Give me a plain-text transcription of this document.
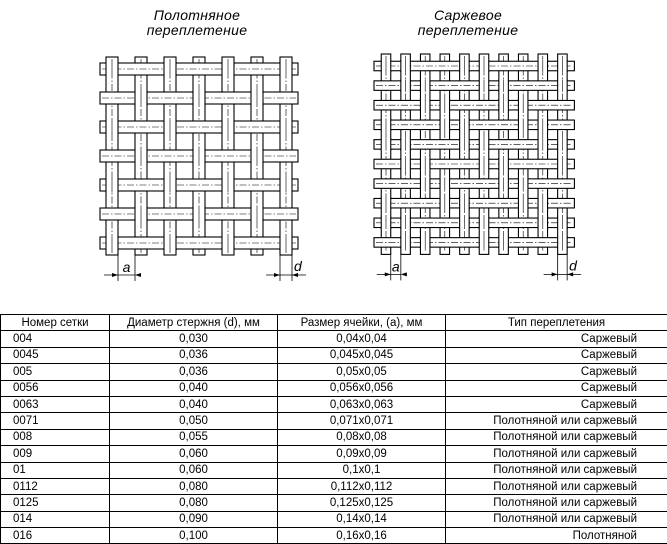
Полотняное
переплетение
a	d
Саржевое
переплетение
a	d
Номер сетки	Диаметр стержня (d), мм	Размер ячейки, (a), мм	Тип переплетения
004	0,030	0,04x0,04	Саржевый
0045	0,036	0,045x0,045	Саржевый
005	0,036	0,05x0,05	Саржевый
0056	0,040	0,056x0,056	Саржевый
0063	0,040	0,063x0,063	Саржевый
0071	0,050	0,071x0,071	Полотняной или саржевый
008	0,055	0,08x0,08	Полотняной или саржевый
009	0,060	0,09x0,09	Полотняной или саржевый
01	0,060	0,1x0,1	Полотняной или саржевый
0112	0,080	0,112x0,112	Полотняной или саржевый
0125	0,080	0,125x0,125	Полотняной или саржевый
014	0,090	0,14x0,14	Полотняной или саржевый
016	0,100	0,16x0,16	Полотняной
